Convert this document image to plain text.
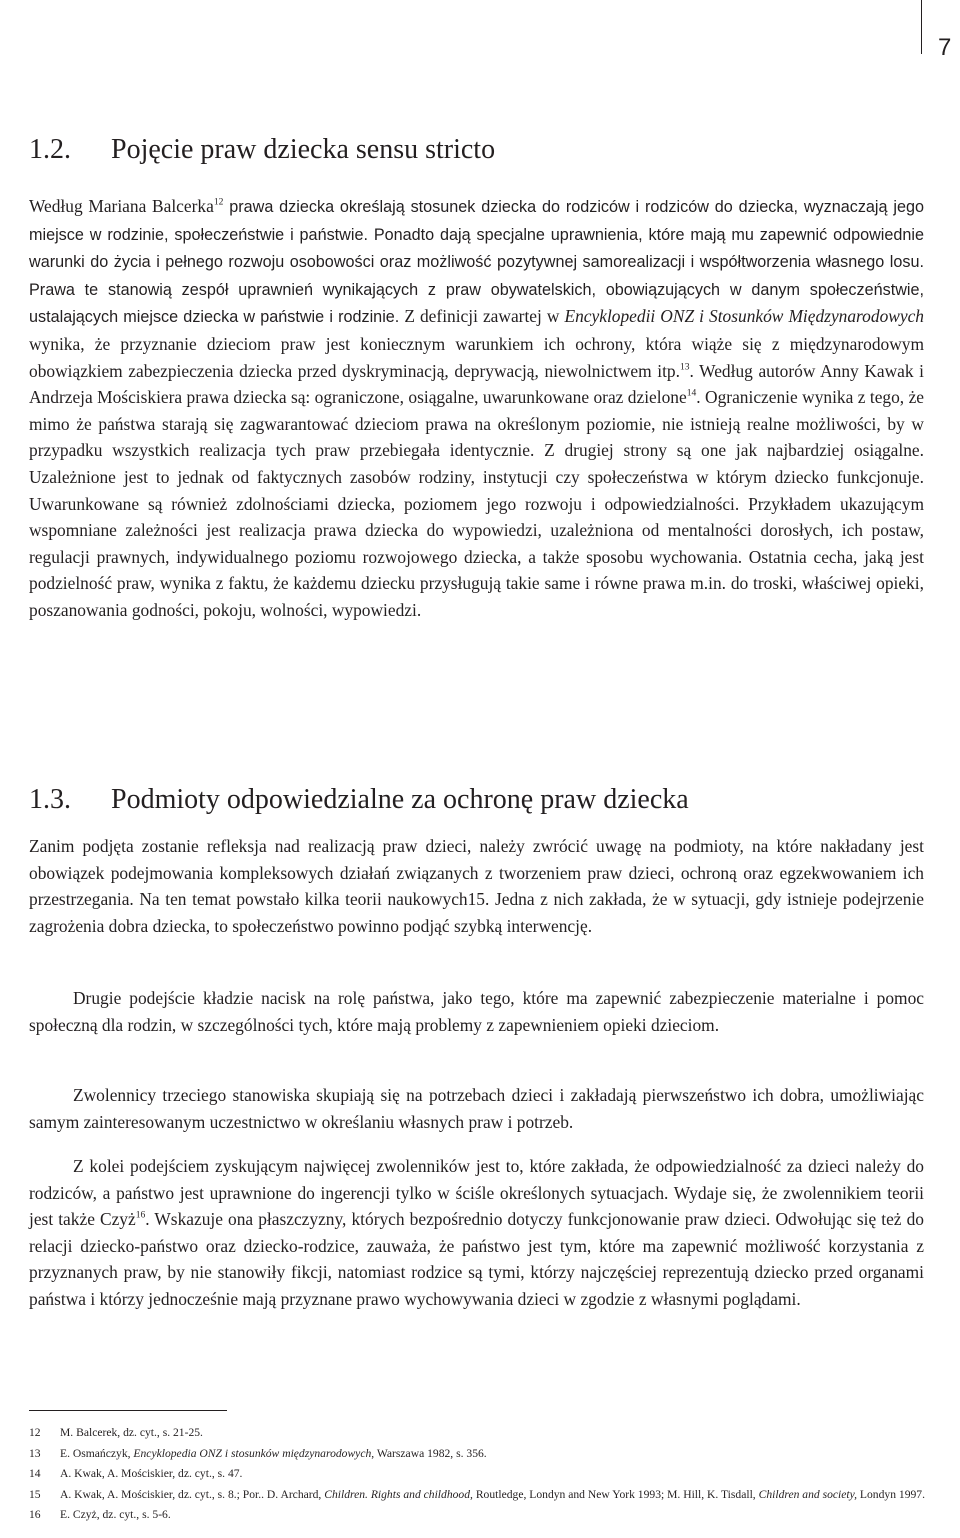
7
1.2. Pojęcie praw dziecka sensu stricto

Według Mariana Balcerka$^{12}$ prawa dziecka określają stosunek dziecka do rodziców i rodziców do dziecka, wyznaczają jego miejsce w rodzinie, społeczeństwie i państwie. Ponadto dają specjalne uprawnienia, które mają mu zapewnić odpowiednie warunki do życia i pełnego rozwoju osobowości oraz możliwość pozytywnej samorealizacji i współtworzenia własnego losu. Prawa te stanowią zespół uprawnień wynikających z praw obywatelskich, obowiązujących w danym społeczeństwie, ustalających miejsce dziecka w państwie i rodzinie. Z definicji zawartej w Encyklopedii ONZ i Stosunków Międzynarodowych wynika, że przyznanie dzieciom praw jest koniecznym warunkiem ich ochrony, która wiąże się z międzynarodowym obowiązkiem zabezpieczenia dziecka przed dyskryminacją, deprywacją, niewolnictwem itp.$^{13}$. Według autorów Anny Kawak i Andrzeja Mościskiera prawa dziecka są: ograniczone, osiągalne, uwarunkowane oraz dzielone$^{14}$. Ograniczenie wynika z tego, że mimo że państwa starają się zagwarantować dzieciom prawa na określonym poziomie, nie istnieją realne możliwości, by w przypadku wszystkich realizacja tych praw przebiegała identycznie. Z drugiej strony są one jak najbardziej osiągalne. Uzależnione jest to jednak od faktycznych zasobów rodziny, instytucji czy społeczeństwa w którym dziecko funkcjonuje. Uwarunkowane są również zdolnościami dziecka, poziomem jego rozwoju i odpowiedzialności. Przykładem ukazującym wspomniane zależności jest realizacja prawa dziecka do wypowiedzi, uzależniona od mentalności dorosłych, ich postaw, regulacji prawnych, indywidualnego poziomu rozwojowego dziecka, a także sposobu wychowania. Ostatnia cecha, jaką jest podzielność praw, wynika z faktu, że każdemu dziecku przysługują takie same i równe prawa m.in. do troski, właściwej opieki, poszanowania godności, pokoju, wolności, wypowiedzi.

1.3. Podmioty odpowiedzialne za ochronę praw dziecka

Zanim podjęta zostanie refleksja nad realizacją praw dzieci, należy zwrócić uwagę na podmioty, na które nakładany jest obowiązek podejmowania kompleksowych działań związanych z tworzeniem praw dzieci, ochroną oraz egzekwowaniem ich przestrzegania. Na ten temat powstało kilka teorii naukowych15. Jedna z nich zakłada, że w sytuacji, gdy istnieje podejrzenie zagrożenia dobra dziecka, to społeczeństwo powinno podjąć szybką interwencję.

Drugie podejście kładzie nacisk na rolę państwa, jako tego, które ma zapewnić zabezpieczenie materialne i pomoc społeczną dla rodzin, w szczególności tych, które mają problemy z zapewnieniem opieki dzieciom.

Zwolennicy trzeciego stanowiska skupiają się na potrzebach dzieci i zakładają pierwszeństwo ich dobra, umożliwiając samym zainteresowanym uczestnictwo w określaniu własnych praw i potrzeb.

Z kolei podejściem zyskującym najwięcej zwolenników jest to, które zakłada, że odpowiedzialność za dzieci należy do rodziców, a państwo jest uprawnione do ingerencji tylko w ściśle określonych sytuacjach. Wydaje się, że zwolennikiem teorii jest także Czyż$^{16}$. Wskazuje ona płaszczyzny, których bezpośrednio dotyczy funkcjonowanie praw dzieci. Odwołując się też do relacji dziecko-państwo oraz dziecko-rodzice, zauważa, że państwo jest tym, które ma zapewnić możliwość korzystania z przyznanych praw, by nie stanowiły fikcji, natomiast rodzice są tymi, którzy najczęściej reprezentują dziecko przed organami państwa i którzy jednocześnie mają przyznane prawo wychowywania dzieci w zgodzie z własnymi poglądami.

12	M. Balcerek, dz. cyt., s. 21-25.
13	E. Osmańczyk, Encyklopedia ONZ i stosunków międzynarodowych, Warszawa 1982, s. 356.
14	A. Kwak, A. Mościskier, dz. cyt., s. 47.
15	A. Kwak, A. Mościskier, dz. cyt., s. 8.; Por.. D. Archard, Children. Rights and childhood, Routledge, Londyn and New York 1993; M. Hill, K. Tisdall, Children and society, Londyn 1997.
16	E. Czyż, dz. cyt., s. 5-6.
